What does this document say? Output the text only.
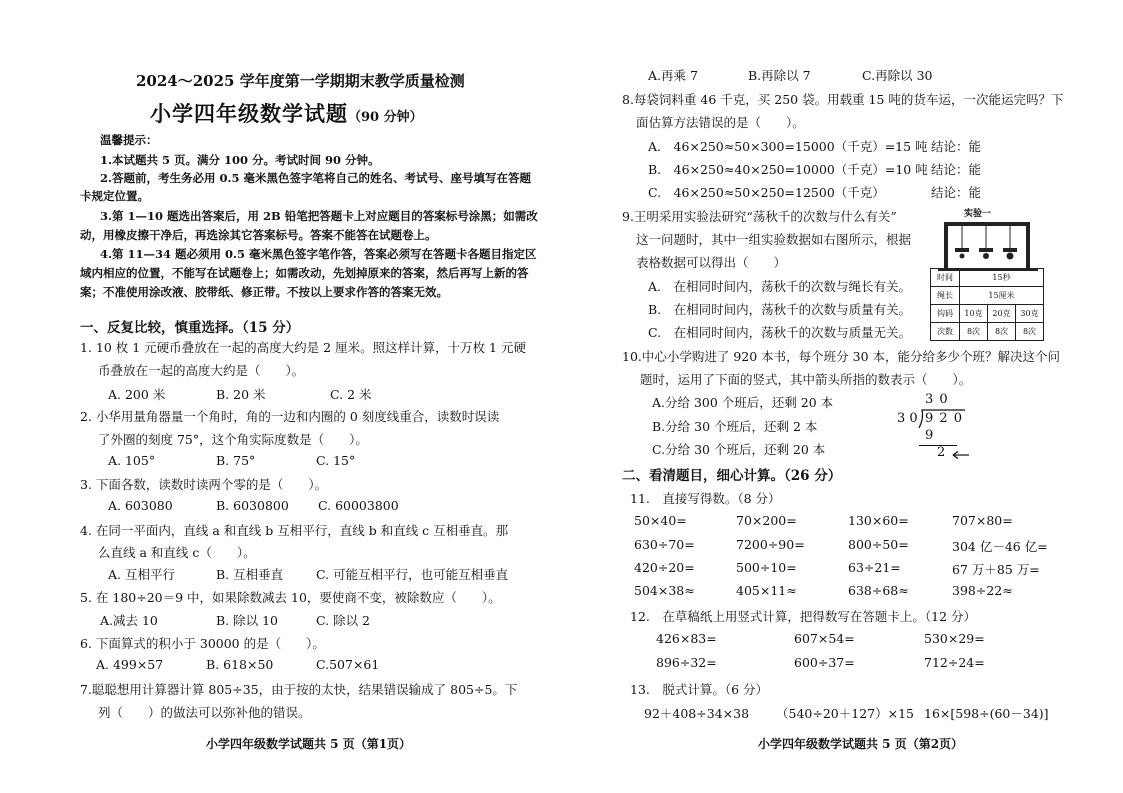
2024～2025 学年度第一学期期末教学质量检测
小学四年级数学试题（90 分钟）
温馨提示：
1.本试题共 5 页。满分 100 分。考试时间 90 分钟。
2.答题前，考生务必用 0.5 毫米黑色签字笔将自己的姓名、考试号、座号填写在答题
卡规定位置。
3.第 1—10 题选出答案后，用 2B 铅笔把答题卡上对应题目的答案标号涂黑；如需改
动，用橡皮擦干净后，再选涂其它答案标号。答案不能答在试题卷上。
4.第 11—34 题必须用 0.5 毫米黑色签字笔作答，答案必须写在答题卡各题目指定区
域内相应的位置，不能写在试题卷上；如需改动，先划掉原来的答案，然后再写上新的答
案；不准使用涂改液、胶带纸、修正带。不按以上要求作答的答案无效。
一、反复比较，慎重选择。（15 分）
1. 10 枚 1 元硬币叠放在一起的高度大约是 2 厘米。照这样计算，十万枚 1 元硬
币叠放在一起的高度大约是（　　）。
A. 200 米	B. 20 米	C. 2 米
2. 小华用量角器量一个角时，角的一边和内圈的 0 刻度线重合，读数时误读
了外圈的刻度 75°，这个角实际度数是（　　）。
A. 105°	B. 75°	C. 15°
3. 下面各数，读数时读两个零的是（　　）。
A. 603080	B. 6030800 C. 60003800
4. 在同一平面内，直线 a 和直线 b 互相平行，直线 b 和直线 c 互相垂直。那
么直线 a 和直线 c（　　）。
A. 互相平行	B. 互相垂直	C. 可能互相平行，也可能互相垂直
5. 在 180÷20＝9 中，如果除数减去 10，要使商不变，被除数应（　　）。
A.减去 10	B. 除以 10	C. 除以 2
6. 下面算式的积小于 30000 的是（　　）。
A. 499×57	B. 618×50	C.507×61
7.聪聪想用计算器计算 805÷35，由于按的太快，结果错误输成了 805÷5。下
列（　　）的做法可以弥补他的错误。
小学四年级数学试题共 5 页（第1页）
A.再乘 7	B.再除以 7	C.再除以 30
8.每袋饲料重 46 千克，买 250 袋。用载重 15 吨的货车运，一次能运完吗？下
面估算方法错误的是（　　）。
A.　46×250≈50×300=15000（千克）=15 吨 结论：能
B.　46×250≈40×250=10000（千克）=10 吨 结论：能
C.　46×250≈50×250=12500（千克）	结论：能
9.王明采用实验法研究“荡秋千的次数与什么有关”
这一问题时，其中一组实验数据如右图所示，根据
表格数据可以得出（　　）
A.　在相同时间内，荡秋千的次数与绳长有关。
B.　在相同时间内，荡秋千的次数与质量有关。
C.　在相同时间内，荡秋千的次数与质量无关。
实验一
时间	15秒		
绳长	15厘米		
钩码	10克	20克	30克
次数	8次	8次	8次
10.中心小学购进了 920 本书，每个班分 30 本，能分给多少个班？解决这个问
题时，运用了下面的竖式，其中箭头所指的数表示（　　）。
A.分给 300 个班后，还剩 20 本
B.分给 30 个班后，还剩 2 本
C.分给 30 个班后，还剩 20 本
3 0
3 0 9 2 0
9
2
二、看清题目，细心计算。（26 分）
11.　直接写得数。（8 分）
50×40=	70×200=	130×60=	707×80=
630÷70=	7200÷90=	800÷50=	304 亿－46 亿=
420÷20=	500÷10=	63÷21=	67 万＋85 万=
504×38≈	405×11≈	638÷68≈	398÷22≈
12.　在草稿纸上用竖式计算，把得数写在答题卡上。（12 分）
426×83=	607×54=	530×29=
896÷32=	600÷37=	712÷24=
13.　脱式计算。（6 分）
92＋408÷34×38 （540÷20＋127）×15 16×[598÷(60－34)]
小学四年级数学试题共 5 页（第2页）
